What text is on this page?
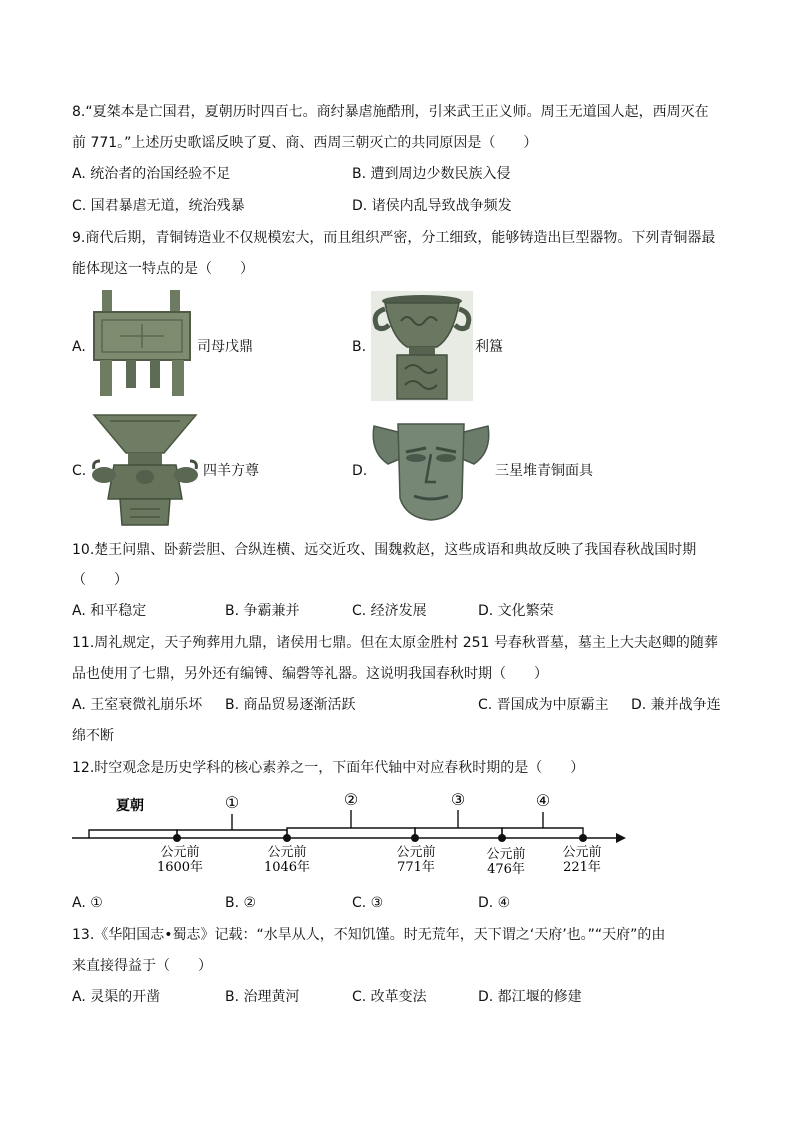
8.“夏桀本是亡国君，夏朝历时四百七。商纣暴虐施酷刑，引来武王正义师。周王无道国人起，西周灭在
前 771。”上述历史歌谣反映了夏、商、西周三朝灭亡的共同原因是（　　）
A. 统治者的治国经验不足	B. 遭到周边少数民族入侵
C. 国君暴虐无道，统治残暴	D. 诸侯内乱导致战争频发
9.商代后期，青铜铸造业不仅规模宏大，而且组织严密，分工细致，能够铸造出巨型器物。下列青铜器最
能体现这一特点的是（　　）
A.	司母戊鼎	B.	利簋
C.	四羊方尊	D.	三星堆青铜面具
10.楚王问鼎、卧薪尝胆、合纵连横、远交近攻、围魏救赵，这些成语和典故反映了我国春秋战国时期
（　　）
A. 和平稳定	B. 争霸兼并	C. 经济发展	D. 文化繁荣
11.周礼规定，天子殉葬用九鼎，诸侯用七鼎。但在太原金胜村 251 号春秋晋墓，墓主上大夫赵卿的随葬
品也使用了七鼎，另外还有编镈、编磬等礼器。这说明我国春秋时期（　　）
A. 王室衰微礼崩乐坏 B. 商品贸易逐渐活跃	C. 晋国成为中原霸主 D. 兼并战争连
绵不断
12.时空观念是历史学科的核心素养之一，下面年代轴中对应春秋时期的是（　　）
夏朝	①	②	③	④
公元前
1600年
公元前
1046年
公元前
771年
公元前
476年
公元前
221年
A. ①	B. ②	C. ③	D. ④
13.《华阳国志•蜀志》记载：“水旱从人，不知饥馑。时无荒年，天下谓之‘天府’也。”“天府”的由
来直接得益于（　　）
A. 灵渠的开凿	B. 治理黄河	C. 改革变法	D. 都江堰的修建
